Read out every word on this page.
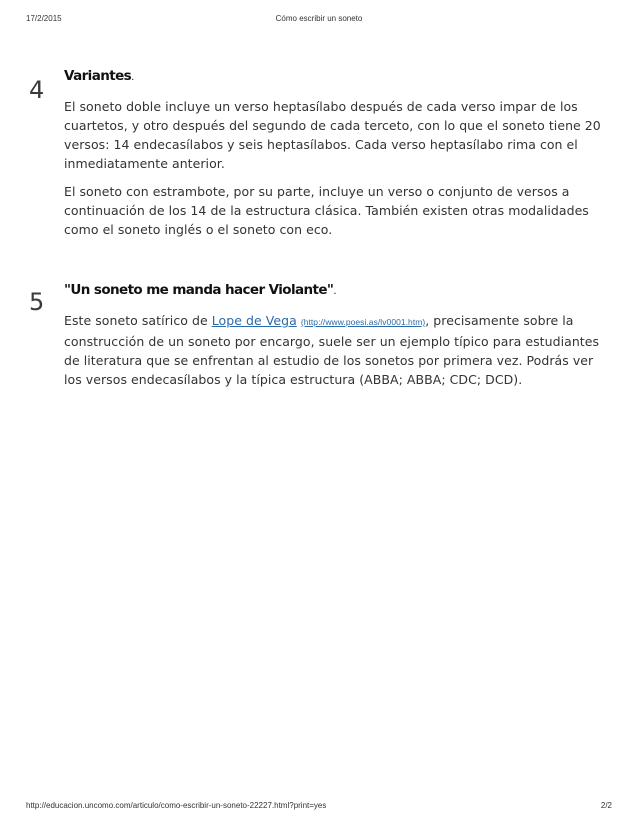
17/2/2015	Cómo escribir un soneto
4 Variantes.

El soneto doble incluye un verso heptasílabo después de cada verso impar de los cuartetos, y otro después del segundo de cada terceto, con lo que el soneto tiene 20 versos: 14 endecasílabos y seis heptasílabos. Cada verso heptasílabo rima con el inmediatamente anterior.

El soneto con estrambote, por su parte, incluye un verso o conjunto de versos a continuación de los 14 de la estructura clásica. También existen otras modalidades como el soneto inglés o el soneto con eco.

5 "Un soneto me manda hacer Violante".

Este soneto satírico de Lope de Vega (http://www.poesi.as/lv0001.htm), precisamente sobre la construcción de un soneto por encargo, suele ser un ejemplo típico para estudiantes de literatura que se enfrentan al estudio de los sonetos por primera vez. Podrás ver los versos endecasílabos y la típica estructura (ABBA; ABBA; CDC; DCD).

http://educacion.uncomo.com/articulo/como-escribir-un-soneto-22227.html?print=yes	2/2
